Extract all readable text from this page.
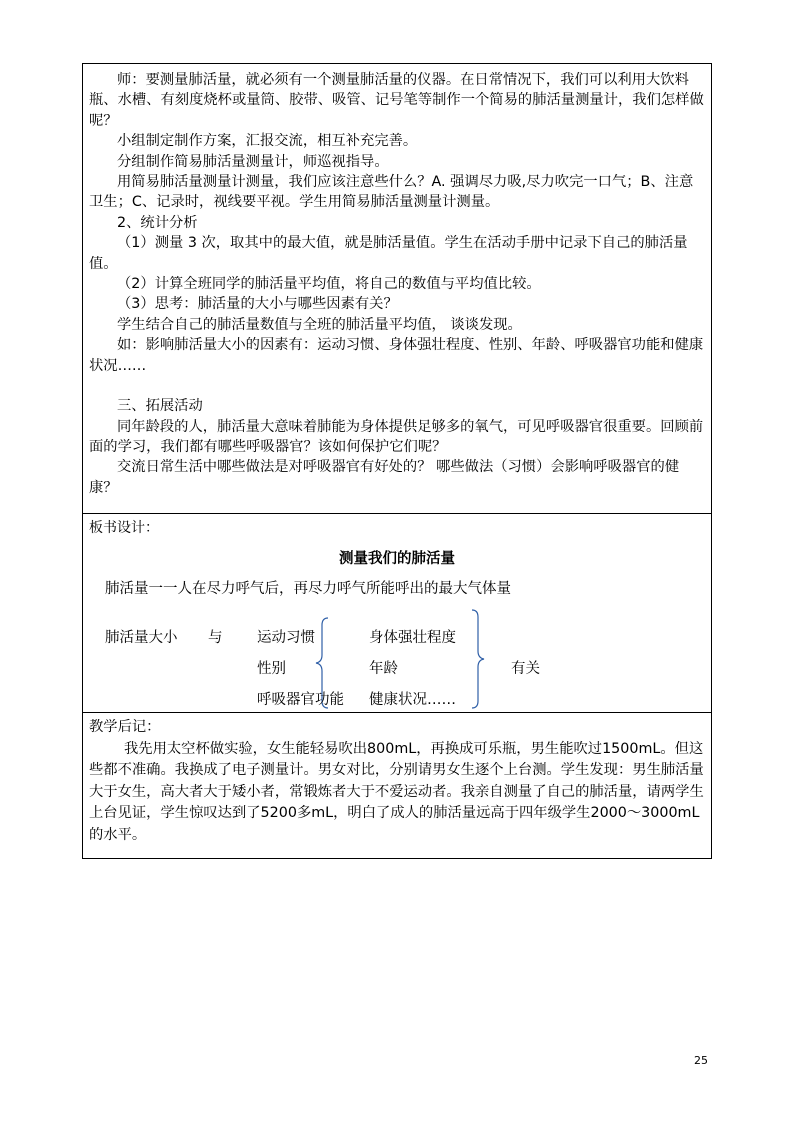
师：要测量肺活量，就必须有一个测量肺活量的仪器。在日常情况下，我们可以利用大饮料瓶、水槽、有刻度烧杯或量筒、胶带、吸管、记号笔等制作一个简易的肺活量测量计，我们怎样做呢？

小组制定制作方案，汇报交流，相互补充完善。

分组制作简易肺活量测量计，师巡视指导。

用简易肺活量测量计测量，我们应该注意些什么？A. 强调尽力吸,尽力吹完一口气；B、注意卫生；C、记录时，视线要平视。学生用简易肺活量测量计测量。

2、统计分析

（1）测量 3 次，取其中的最大值，就是肺活量值。学生在活动手册中记录下自己的肺活量值。

（2）计算全班同学的肺活量平均值，将自己的数值与平均值比较。

（3）思考：肺活量的大小与哪些因素有关？

学生结合自己的肺活量数值与全班的肺活量平均值， 谈谈发现。

如：影响肺活量大小的因素有：运动习惯、身体强壮程度、性别、年龄、呼吸器官功能和健康状况……

三、拓展活动

同年龄段的人，肺活量大意味着肺能为身体提供足够多的氧气，可见呼吸器官很重要。回顾前面的学习，我们都有哪些呼吸器官？该如何保护它们呢？

交流日常生活中哪些做法是对呼吸器官有好处的？ 哪些做法（习惯）会影响呼吸器官的健康？

板书设计：
测量我们的肺活量
肺活量一一人在尽力呼气后，再尽力呼气所能呼出的最大气体量
肺活量大小 与 运动习惯	身体强壮程度
性别	年龄
呼吸器官功能 健康状况……
有关

教学后记：

我先用太空杯做实验，女生能轻易吹出800mL，再换成可乐瓶，男生能吹过1500mL。但这些都不准确。我换成了电子测量计。男女对比，分别请男女生逐个上台测。学生发现：男生肺活量大于女生，高大者大于矮小者，常锻炼者大于不爱运动者。我亲自测量了自己的肺活量，请两学生上台见证，学生惊叹达到了5200多mL，明白了成人的肺活量远高于四年级学生2000～3000mL的水平。

25
